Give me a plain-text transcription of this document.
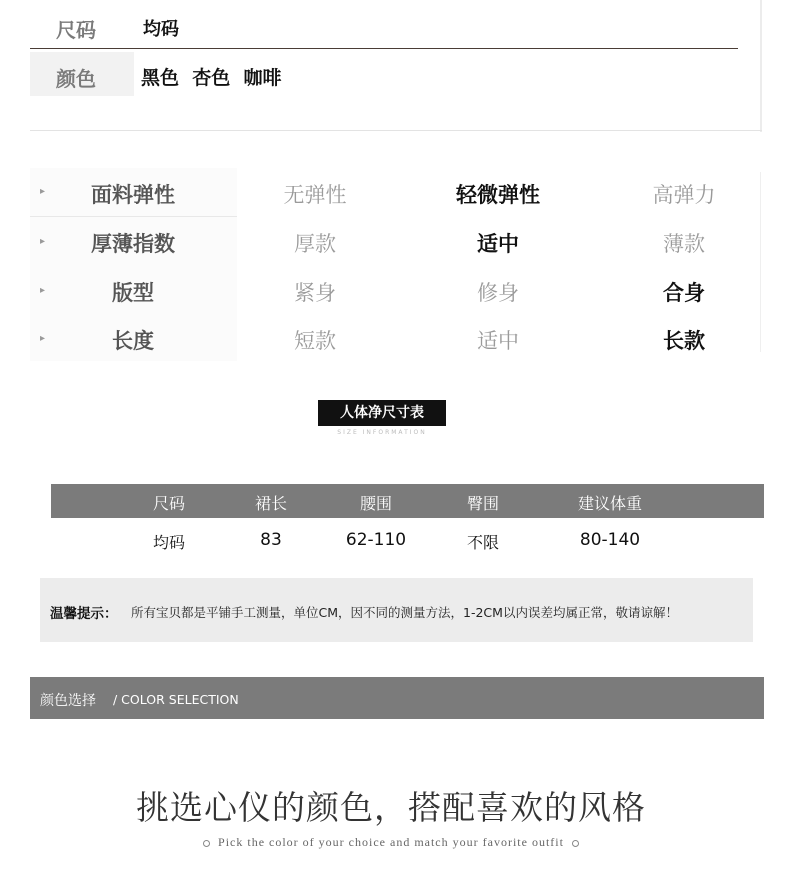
尺码	均码
颜色 黑色  杏色  咖啡
▸	面料弹性	无弹性	轻微弹性	高弹力
▸	厚薄指数	厚款	适中	薄款
▸	版型	紧身	修身	合身
▸	长度	短款	适中	长款
人体净尺寸表
SIZE INFORMATION
尺码	裙长	腰围	臀围	建议体重
均码	83	62-110	不限	80-140
温馨提示： 所有宝贝都是平铺手工测量，单位CM，因不同的测量方法，1-2CM以内误差均属正常，敬请谅解！
颜色选择 / COLOR SELECTION
挑选心仪的颜色，搭配喜欢的风格
Pick the color of your choice and match your favorite outfit
